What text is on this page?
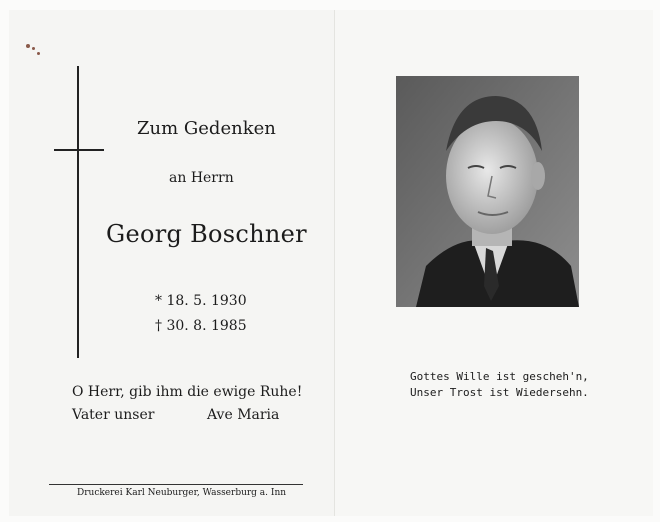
Zum Gedenken
an Herrn
Georg Boschner
* 18. 5. 1930
† 30. 8. 1985
O Herr, gib ihm die ewige Ruhe!
Vater unser	Ave Maria
Druckerei Karl Neuburger, Wasserburg a. Inn
Gottes Wille ist gescheh'n,
Unser Trost ist Wiedersehn.
